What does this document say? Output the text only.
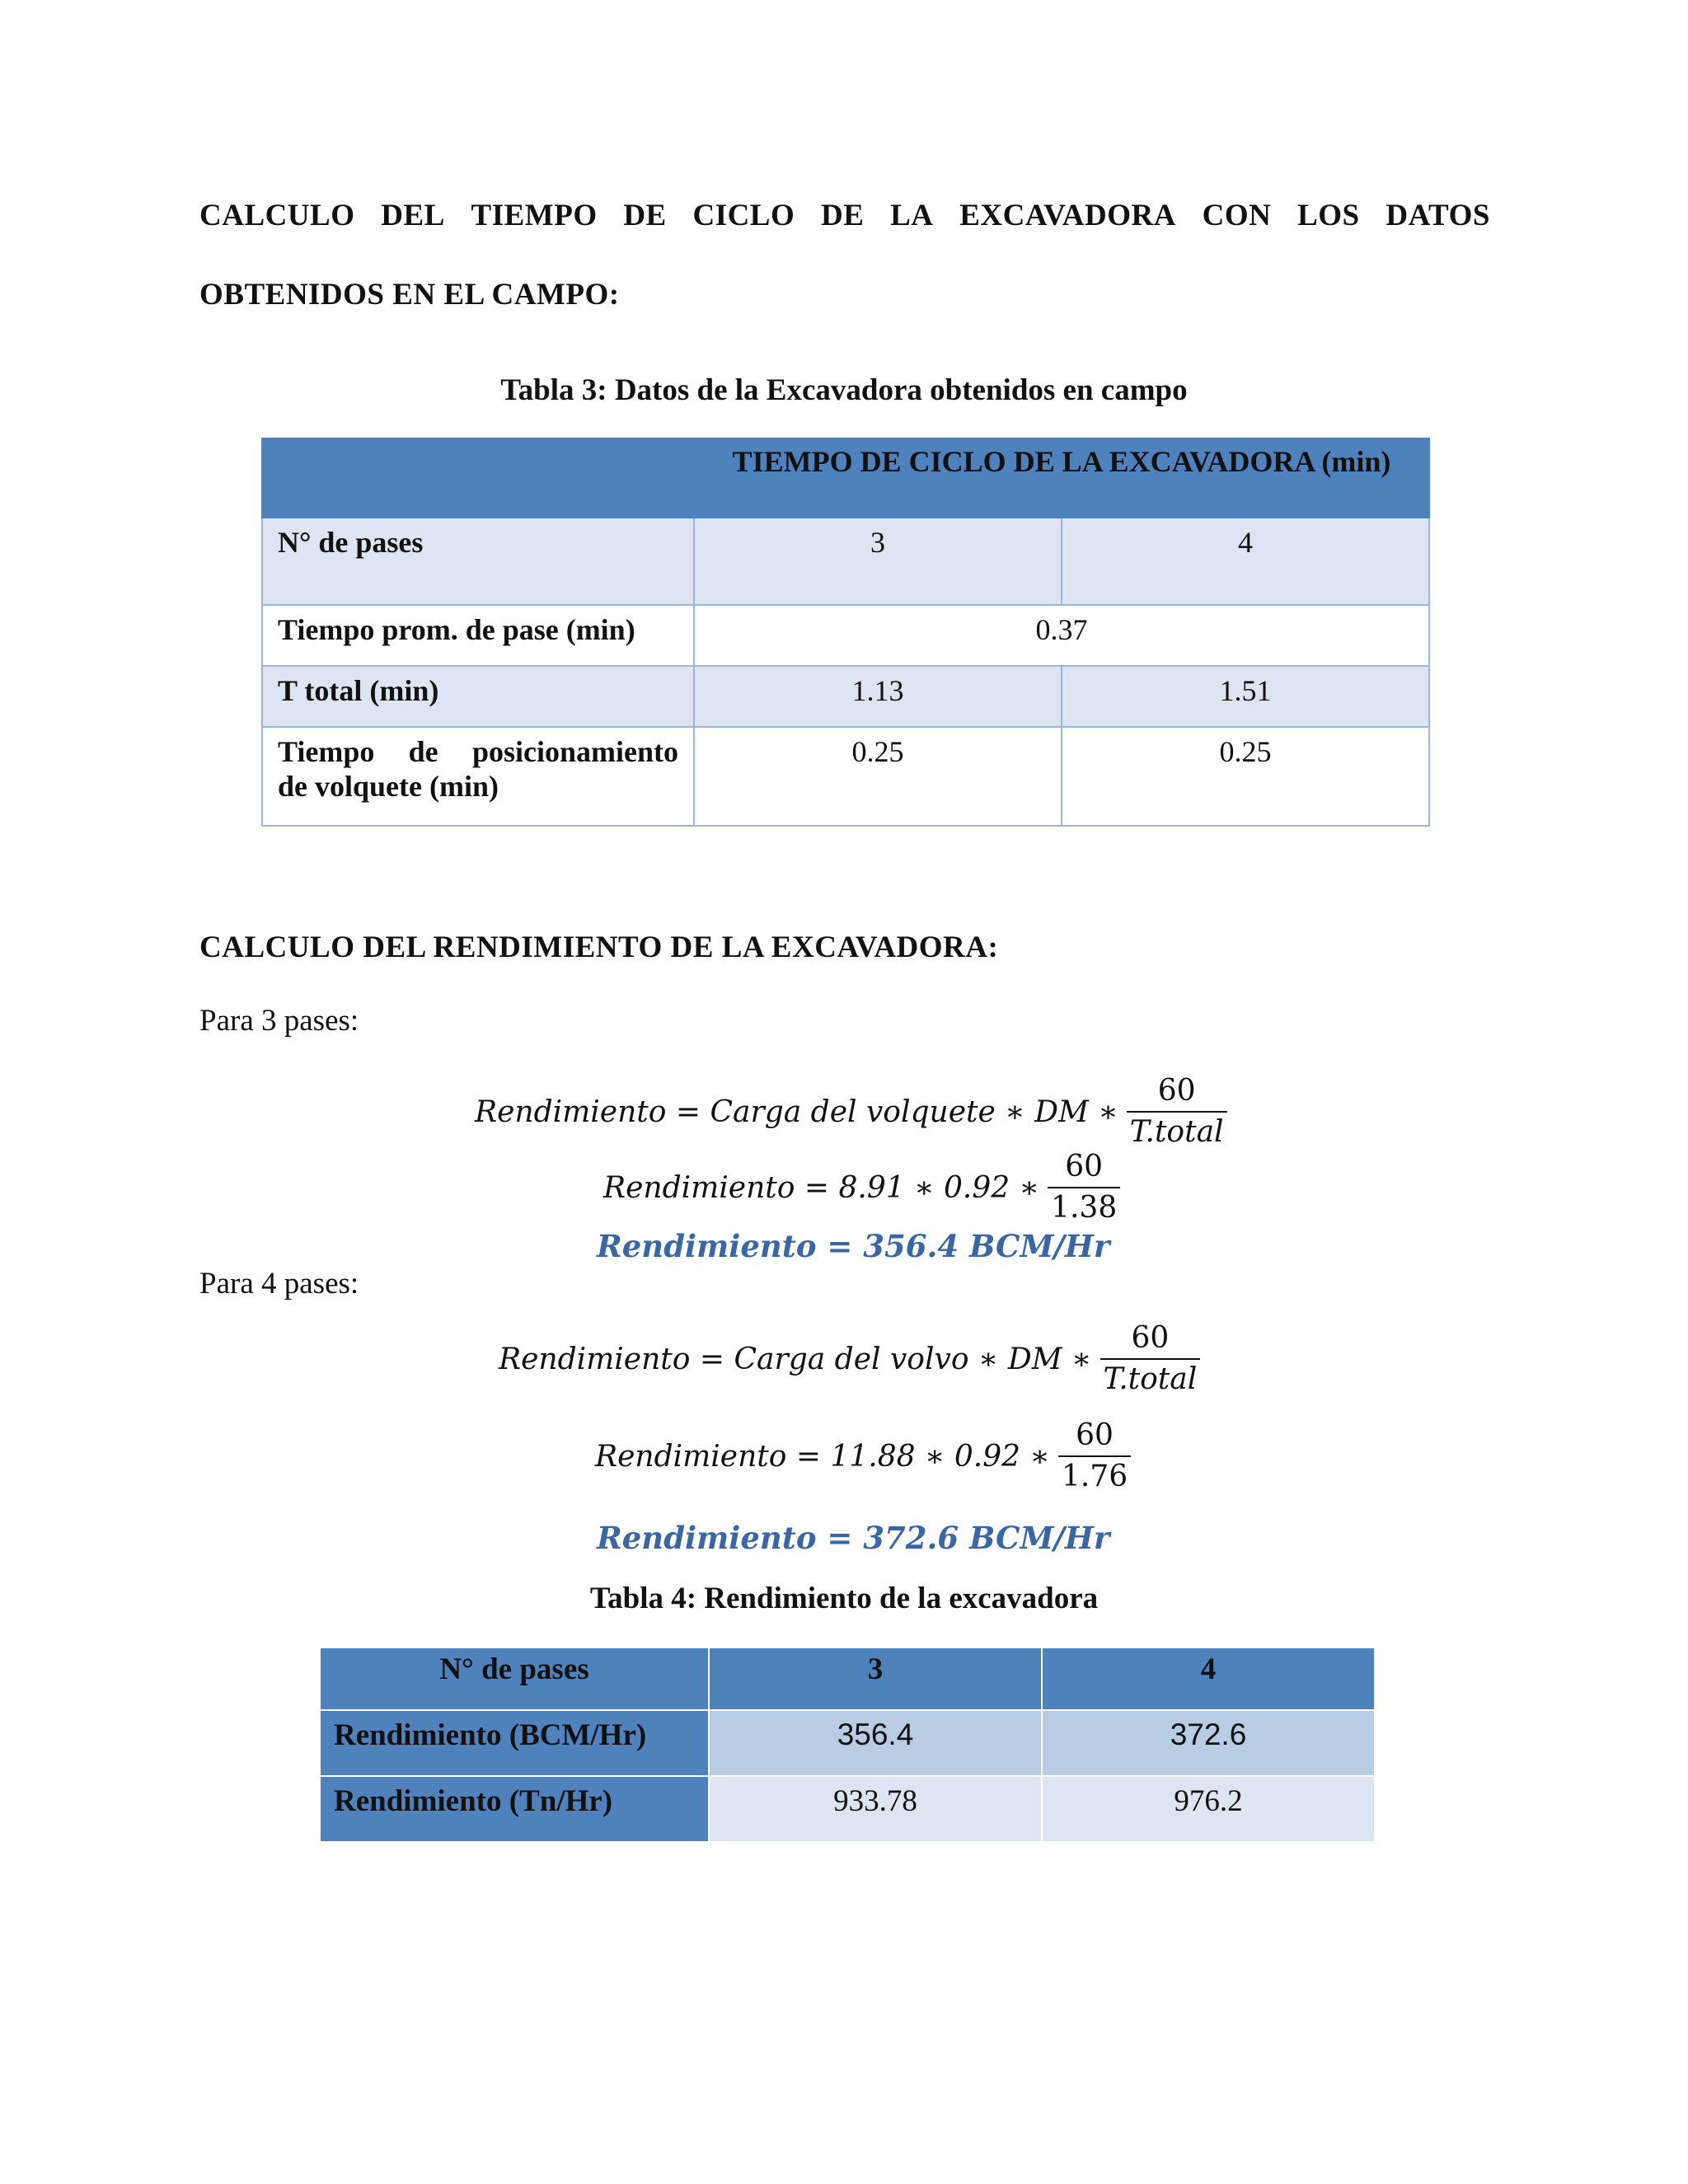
CALCULO DEL TIEMPO DE CICLO DE LA EXCAVADORA CON LOS DATOS
OBTENIDOS EN EL CAMPO:
Tabla 3: Datos de la Excavadora obtenidos en campo

	TIEMPO DE CICLO DE LA EXCAVADORA (min)	

N° de pases	3	4
Tiempo prom. de pase (min)	0.37	
T total (min)	1.13	1.51

Tiempo de posicionamiento
de volquete (min)	0.25	0.25
CALCULO DEL RENDIMIENTO DE LA EXCAVADORA:
Para 3 pases:
Rendimiento = Carga del volquete ∗ DM ∗ $\frac{60}{\text{T.total}}$
Rendimiento = 8.91 ∗ 0.92 ∗ $\frac{60}{1.38}$
Rendimiento = 356.4 BCM/Hr
Para 4 pases:
Rendimiento = Carga del volvo ∗ DM ∗ $\frac{60}{\text{T.total}}$
Rendimiento = 11.88 ∗ 0.92 ∗ $\frac{60}{1.76}$
Rendimiento = 372.6 BCM/Hr
Tabla 4: Rendimiento de la excavadora
N° de pases	3	4
Rendimiento (BCM/Hr)	356.4	372.6
Rendimiento (Tn/Hr)	933.78	976.2
